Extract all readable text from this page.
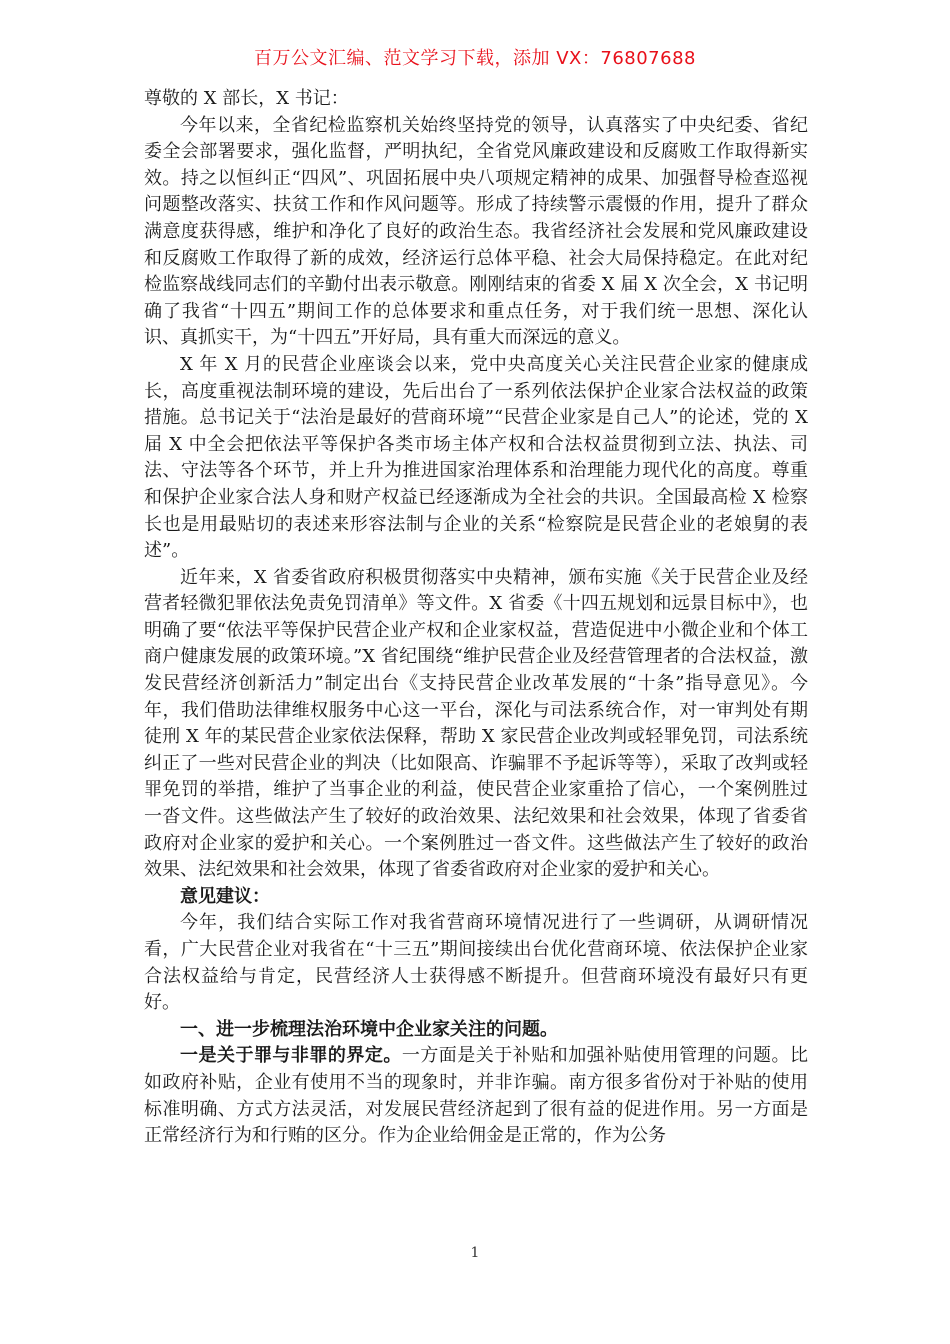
百万公文汇编、范文学习下载，添加 VX：76807688

尊敬的 X 部长，X 书记：

今年以来，全省纪检监察机关始终坚持党的领导，认真落实了中央纪委、省纪委全会部署要求，强化监督，严明执纪，全省党风廉政建设和反腐败工作取得新实效。持之以恒纠正“四风”、巩固拓展中央八项规定精神的成果、加强督导检查巡视问题整改落实、扶贫工作和作风问题等。形成了持续警示震慑的作用，提升了群众满意度获得感，维护和净化了良好的政治生态。我省经济社会发展和党风廉政建设和反腐败工作取得了新的成效，经济运行总体平稳、社会大局保持稳定。在此对纪检监察战线同志们的辛勤付出表示敬意。刚刚结束的省委 X 届 X 次全会，X 书记明确了我省“十四五”期间工作的总体要求和重点任务，对于我们统一思想、深化认识、真抓实干，为“十四五”开好局，具有重大而深远的意义。

X 年 X 月的民营企业座谈会以来，党中央高度关心关注民营企业家的健康成长，高度重视法制环境的建设，先后出台了一系列依法保护企业家合法权益的政策措施。总书记关于“法治是最好的营商环境”“民营企业家是自己人”的论述，党的 X 届 X 中全会把依法平等保护各类市场主体产权和合法权益贯彻到立法、执法、司法、守法等各个环节，并上升为推进国家治理体系和治理能力现代化的高度。尊重和保护企业家合法人身和财产权益已经逐渐成为全社会的共识。全国最高检 X 检察长也是用最贴切的表述来形容法制与企业的关系“检察院是民营企业的老娘舅的表述”。

近年来，X 省委省政府积极贯彻落实中央精神，颁布实施《关于民营企业及经营者轻微犯罪依法免责免罚清单》等文件。X 省委《十四五规划和远景目标中》，也明确了要“依法平等保护民营企业产权和企业家权益，营造促进中小微企业和个体工商户健康发展的政策环境。”X 省纪围绕“维护民营企业及经营管理者的合法权益，激发民营经济创新活力”制定出台《支持民营企业改革发展的“十条”指导意见》。今年，我们借助法律维权服务中心这一平台，深化与司法系统合作，对一审判处有期徒刑 X 年的某民营企业家依法保释，帮助 X 家民营企业改判或轻罪免罚，司法系统纠正了一些对民营企业的判决（比如限高、诈骗罪不予起诉等等），采取了改判或轻罪免罚的举措，维护了当事企业的利益，使民营企业家重拾了信心，一个案例胜过一沓文件。这些做法产生了较好的政治效果、法纪效果和社会效果，体现了省委省政府对企业家的爱护和关心。一个案例胜过一沓文件。这些做法产生了较好的政治效果、法纪效果和社会效果，体现了省委省政府对企业家的爱护和关心。

意见建议：

今年，我们结合实际工作对我省营商环境情况进行了一些调研，从调研情况看，广大民营企业对我省在“十三五”期间接续出台优化营商环境、依法保护企业家合法权益给与肯定，民营经济人士获得感不断提升。但营商环境没有最好只有更好。

一、进一步梳理法治环境中企业家关注的问题。

一是关于罪与非罪的界定。一方面是关于补贴和加强补贴使用管理的问题。比如政府补贴，企业有使用不当的现象时，并非诈骗。南方很多省份对于补贴的使用标准明确、方式方法灵活，对发展民营经济起到了很有益的促进作用。另一方面是正常经济行为和行贿的区分。作为企业给佣金是正常的，作为公务

1
